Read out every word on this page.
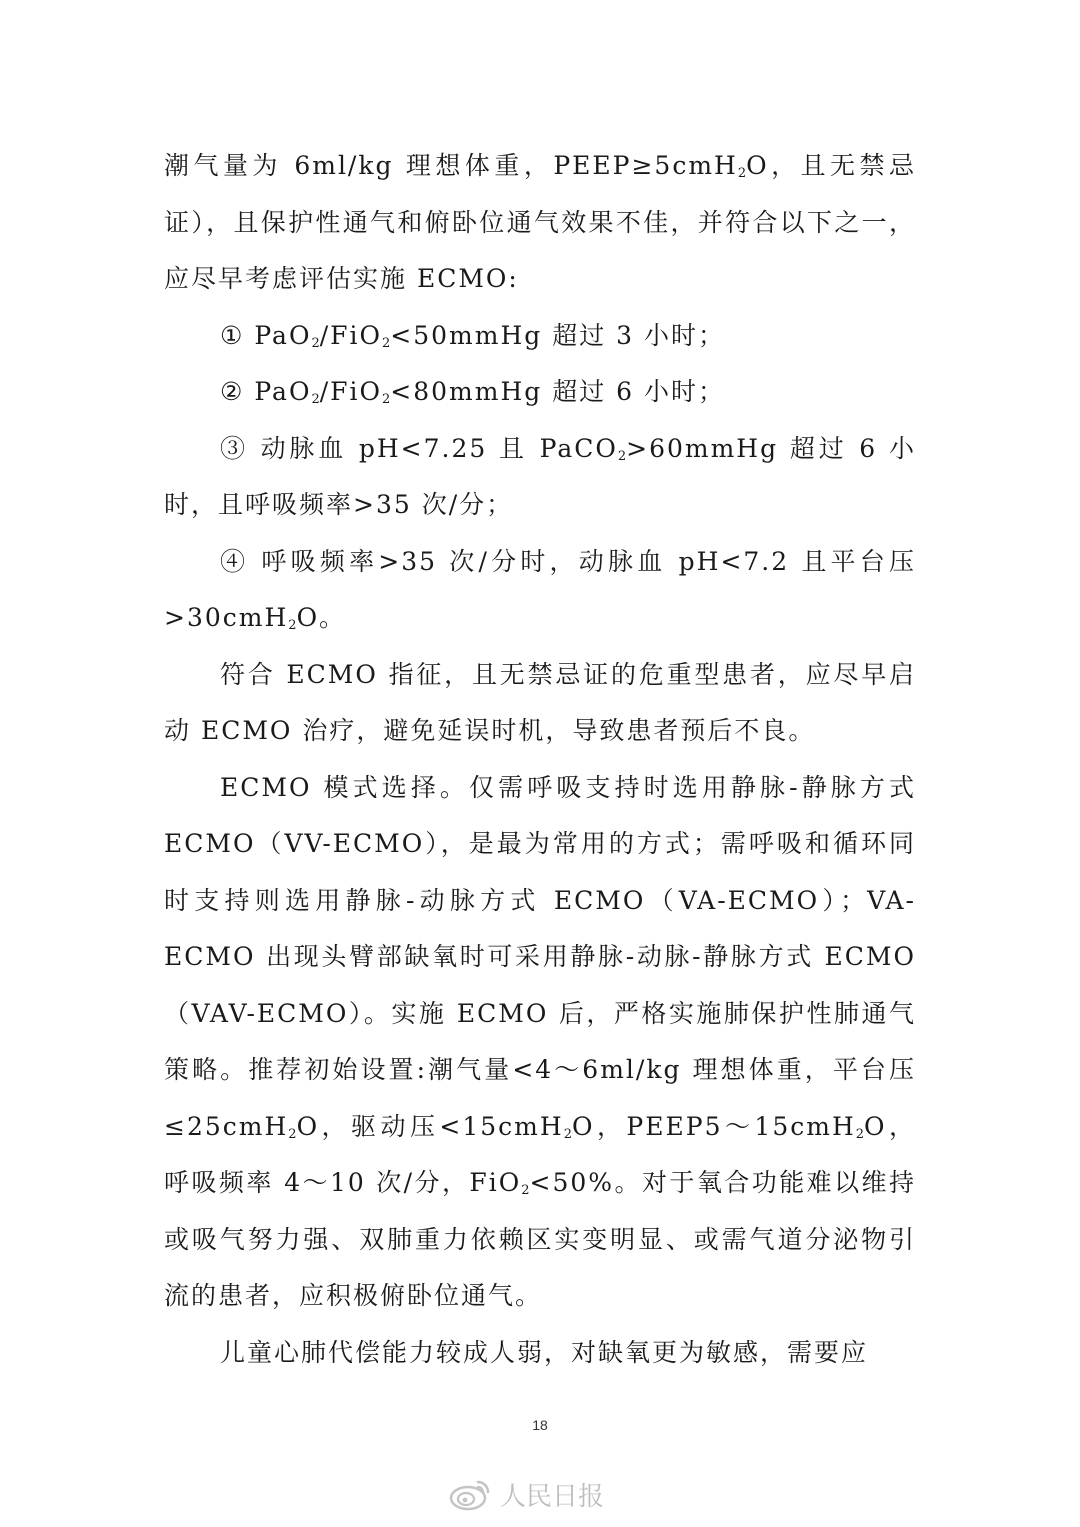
潮气量为 6ml/kg 理想体重，PEEP≥5cmH$_2$O，且无禁忌证），且保护性通气和俯卧位通气效果不佳，并符合以下之一，应尽早考虑评估实施 ECMO:

① PaO$_2$/FiO$_2$<50mmHg 超过 3 小时；

② PaO$_2$/FiO$_2$<80mmHg 超过 6 小时；

③ 动脉血 pH<7.25 且 PaCO$_2$>60mmHg 超过 6 小时，且呼吸频率>35 次/分；

④ 呼吸频率>35 次/分时，动脉血 pH<7.2 且平台压>30cmH$_2$O。

符合 ECMO 指征，且无禁忌证的危重型患者，应尽早启动 ECMO 治疗，避免延误时机，导致患者预后不良。

ECMO 模式选择。仅需呼吸支持时选用静脉-静脉方式 ECMO（VV-ECMO），是最为常用的方式；需呼吸和循环同时支持则选用静脉-动脉方式 ECMO（VA-ECMO）；VA-ECMO 出现头臂部缺氧时可采用静脉-动脉-静脉方式 ECMO（VAV-ECMO）。实施 ECMO 后，严格实施肺保护性肺通气策略。推荐初始设置:潮气量<4～6ml/kg 理想体重，平台压≤25cmH$_2$O，驱动压<15cmH$_2$O，PEEP5～15cmH$_2$O，呼吸频率 4～10 次/分，FiO$_2$<50%。对于氧合功能难以维持或吸气努力强、双肺重力依赖区实变明显、或需气道分泌物引流的患者，应积极俯卧位通气。

儿童心肺代偿能力较成人弱，对缺氧更为敏感，需要应

18
人民日报
